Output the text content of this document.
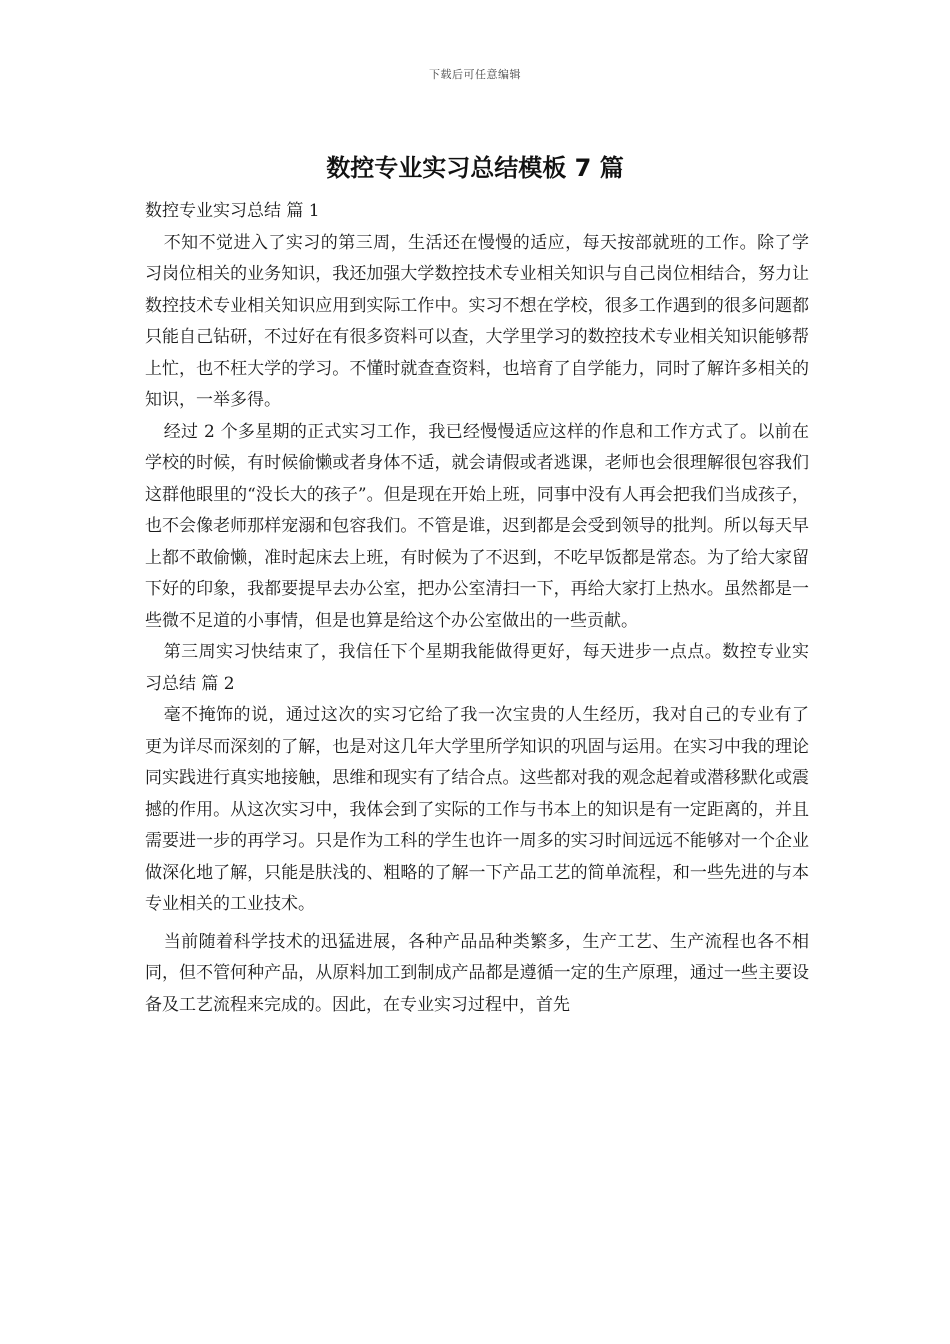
下载后可任意编辑
数控专业实习总结模板 7 篇

数控专业实习总结 篇 1

不知不觉进入了实习的第三周，生活还在慢慢的适应，每天按部就班的工作。除了学习岗位相关的业务知识，我还加强大学数控技术专业相关知识与自己岗位相结合，努力让数控技术专业相关知识应用到实际工作中。实习不想在学校，很多工作遇到的很多问题都只能自己钻研，不过好在有很多资料可以查，大学里学习的数控技术专业相关知识能够帮上忙，也不枉大学的学习。不懂时就查查资料，也培育了自学能力，同时了解许多相关的知识，一举多得。

经过 2 个多星期的正式实习工作，我已经慢慢适应这样的作息和工作方式了。以前在学校的时候，有时候偷懒或者身体不适，就会请假或者逃课，老师也会很理解很包容我们这群他眼里的“没长大的孩子”。但是现在开始上班，同事中没有人再会把我们当成孩子，也不会像老师那样宠溺和包容我们。不管是谁，迟到都是会受到领导的批判。所以每天早上都不敢偷懒，准时起床去上班，有时候为了不迟到，不吃早饭都是常态。为了给大家留下好的印象，我都要提早去办公室，把办公室清扫一下，再给大家打上热水。虽然都是一些微不足道的小事情，但是也算是给这个办公室做出的一些贡献。

第三周实习快结束了，我信任下个星期我能做得更好，每天进步一点点。数控专业实习总结 篇 2

毫不掩饰的说，通过这次的实习它给了我一次宝贵的人生经历，我对自己的专业有了更为详尽而深刻的了解，也是对这几年大学里所学知识的巩固与运用。在实习中我的理论同实践进行真实地接触，思维和现实有了结合点。这些都对我的观念起着或潜移默化或震撼的作用。从这次实习中，我体会到了实际的工作与书本上的知识是有一定距离的，并且需要进一步的再学习。只是作为工科的学生也许一周多的实习时间远远不能够对一个企业做深化地了解，只能是肤浅的、粗略的了解一下产品工艺的简单流程，和一些先进的与本专业相关的工业技术。

当前随着科学技术的迅猛进展，各种产品品种类繁多，生产工艺、生产流程也各不相同，但不管何种产品，从原料加工到制成产品都是遵循一定的生产原理，通过一些主要设备及工艺流程来完成的。因此，在专业实习过程中，首先
